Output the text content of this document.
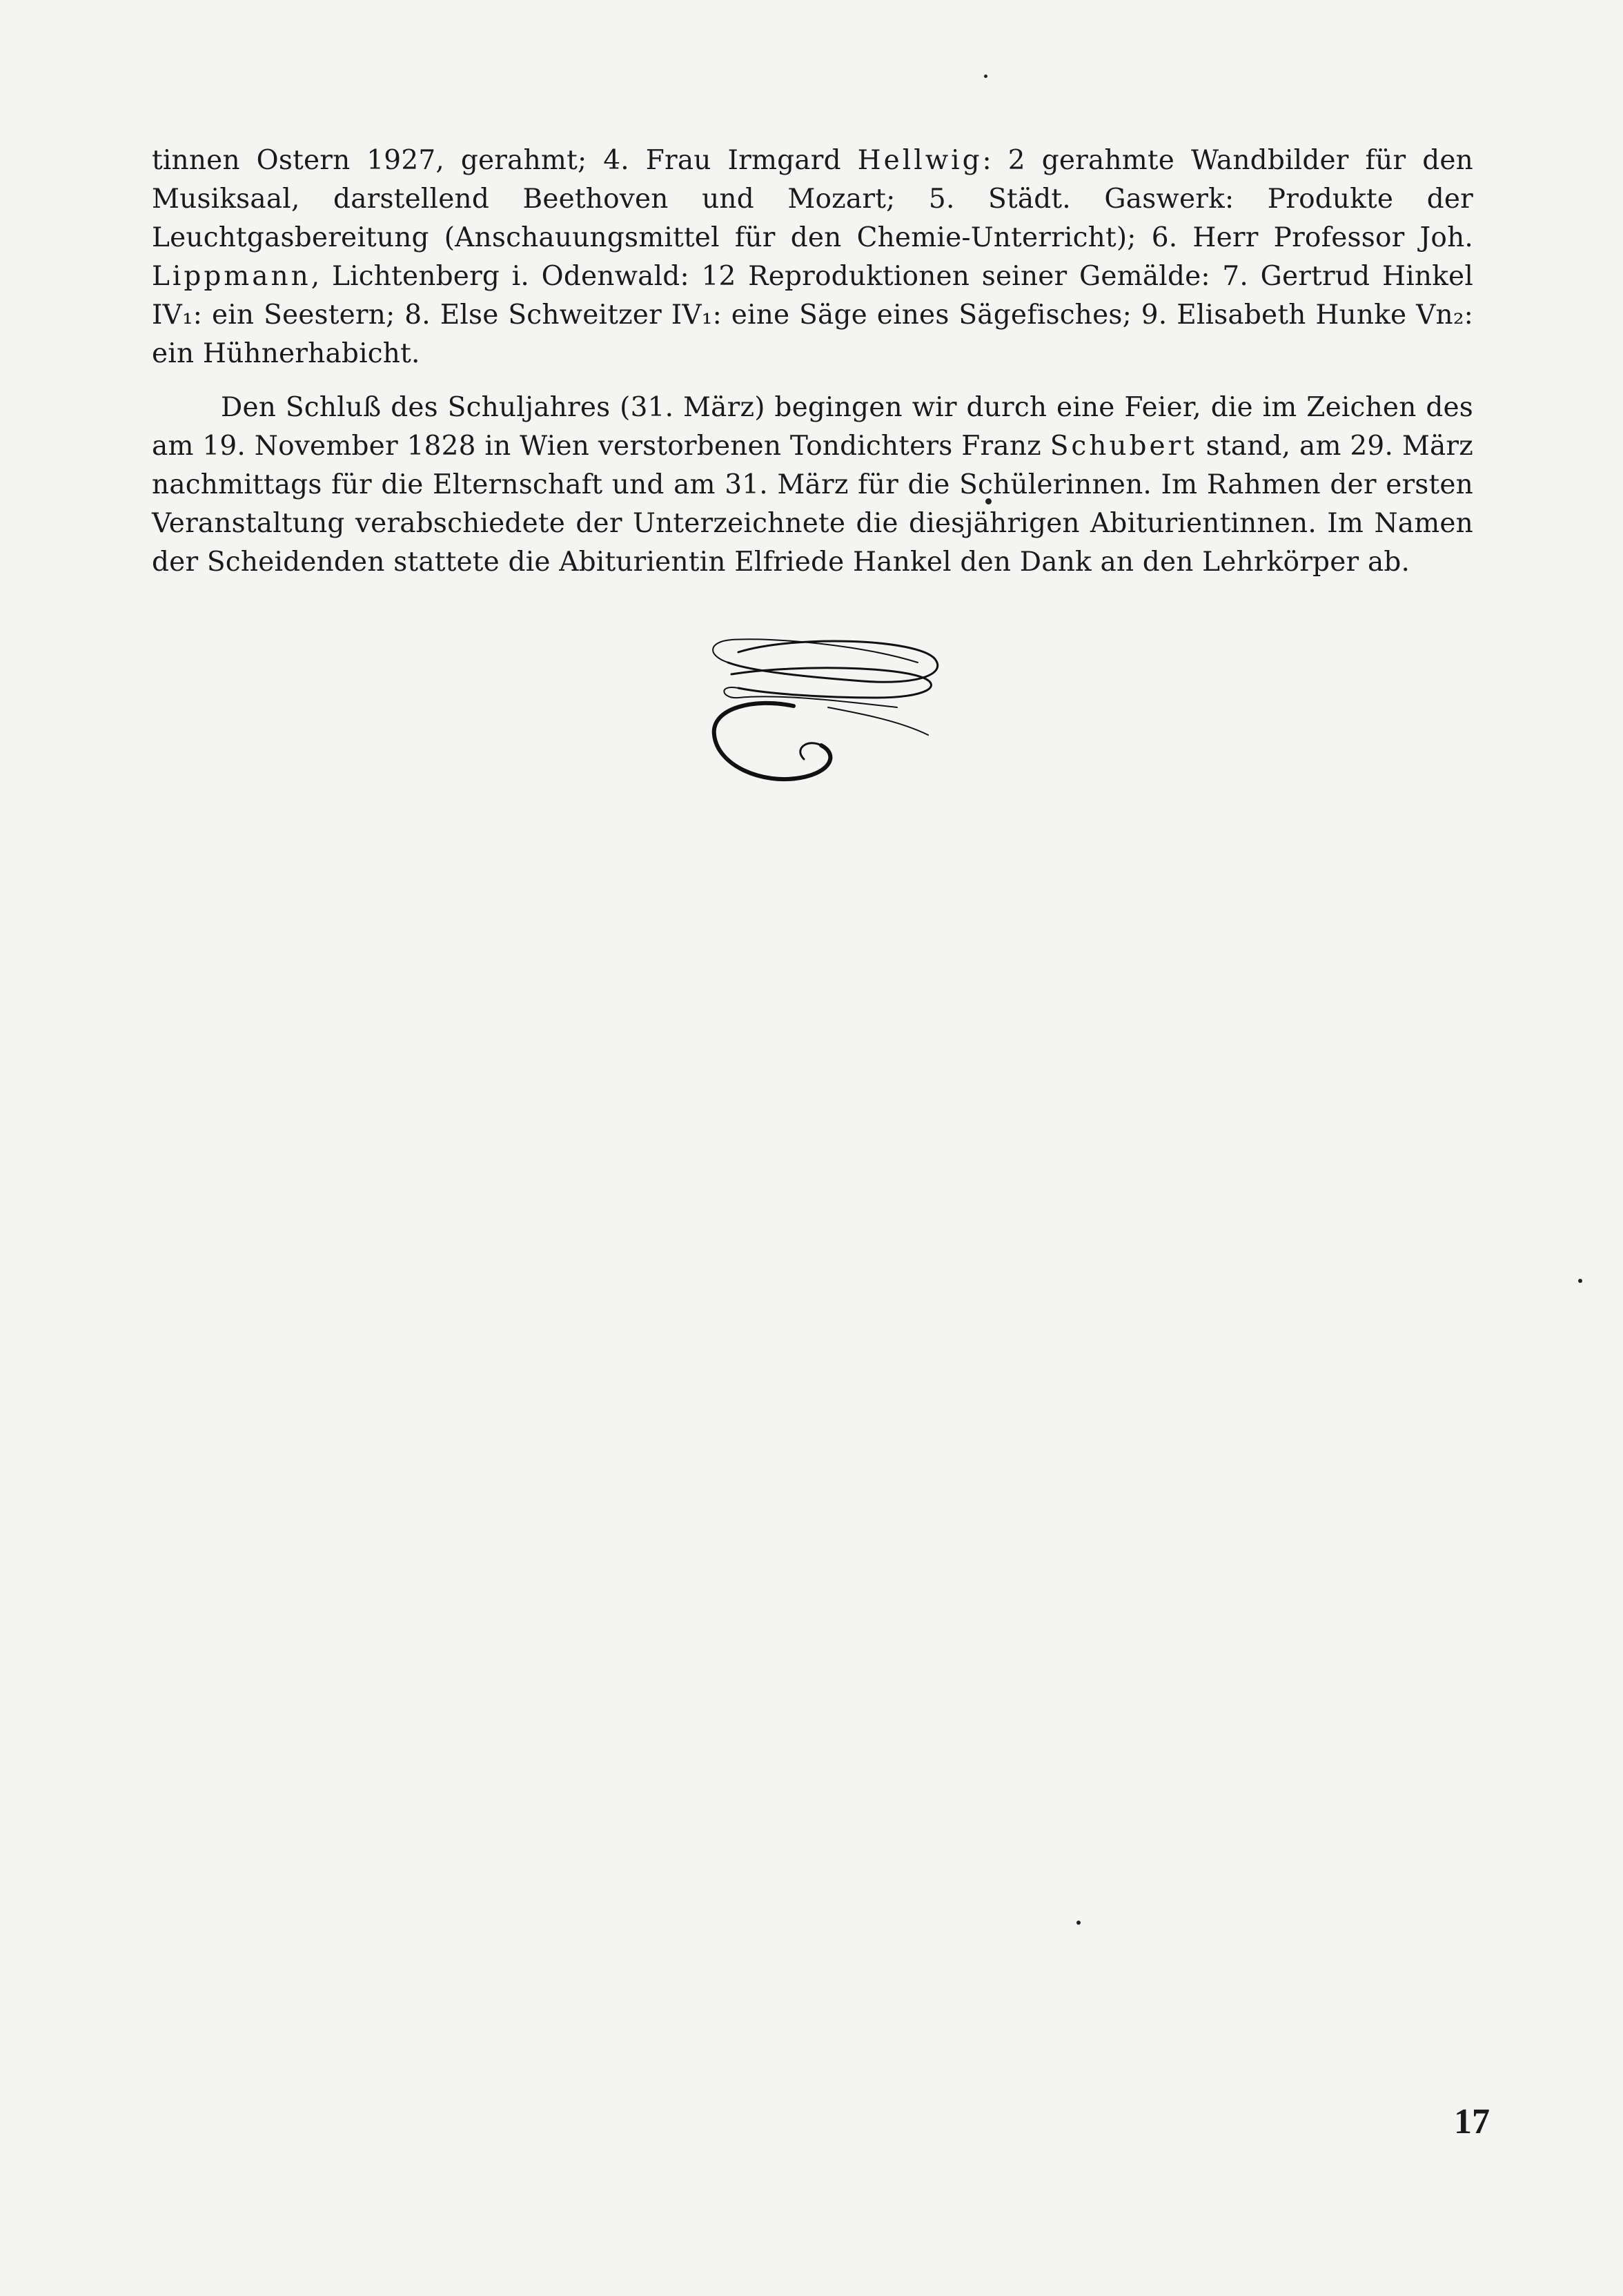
tinnen Ostern 1927, gerahmt; 4. Frau Irmgard Hellwig: 2 gerahmte Wandbilder für den Musiksaal, darstellend Beethoven und Mozart; 5. Städt. Gaswerk: Produkte der Leuchtgasbereitung (Anschauungsmittel für den Chemie-Unterricht); 6. Herr Professor Joh. Lippmann, Lichtenberg i. Odenwald: 12 Reproduktionen seiner Gemälde: 7. Gertrud Hinkel IV₁: ein Seestern; 8. Else Schweitzer IV₁: eine Säge eines Sägefisches; 9. Elisabeth Hunke Vn₂: ein Hühnerhabicht.

Den Schluß des Schuljahres (31. März) begingen wir durch eine Feier, die im Zeichen des am 19. November 1828 in Wien verstorbenen Tondichters Franz Schubert stand, am 29. März nachmittags für die Elternschaft und am 31. März für die Schülerinnen. Im Rahmen der ersten Veranstaltung verabschiedete der Unterzeichnete die diesjährigen Abiturientinnen. Im Namen der Scheidenden stattete die Abiturientin Elfriede Hankel den Dank an den Lehrkörper ab.

17
